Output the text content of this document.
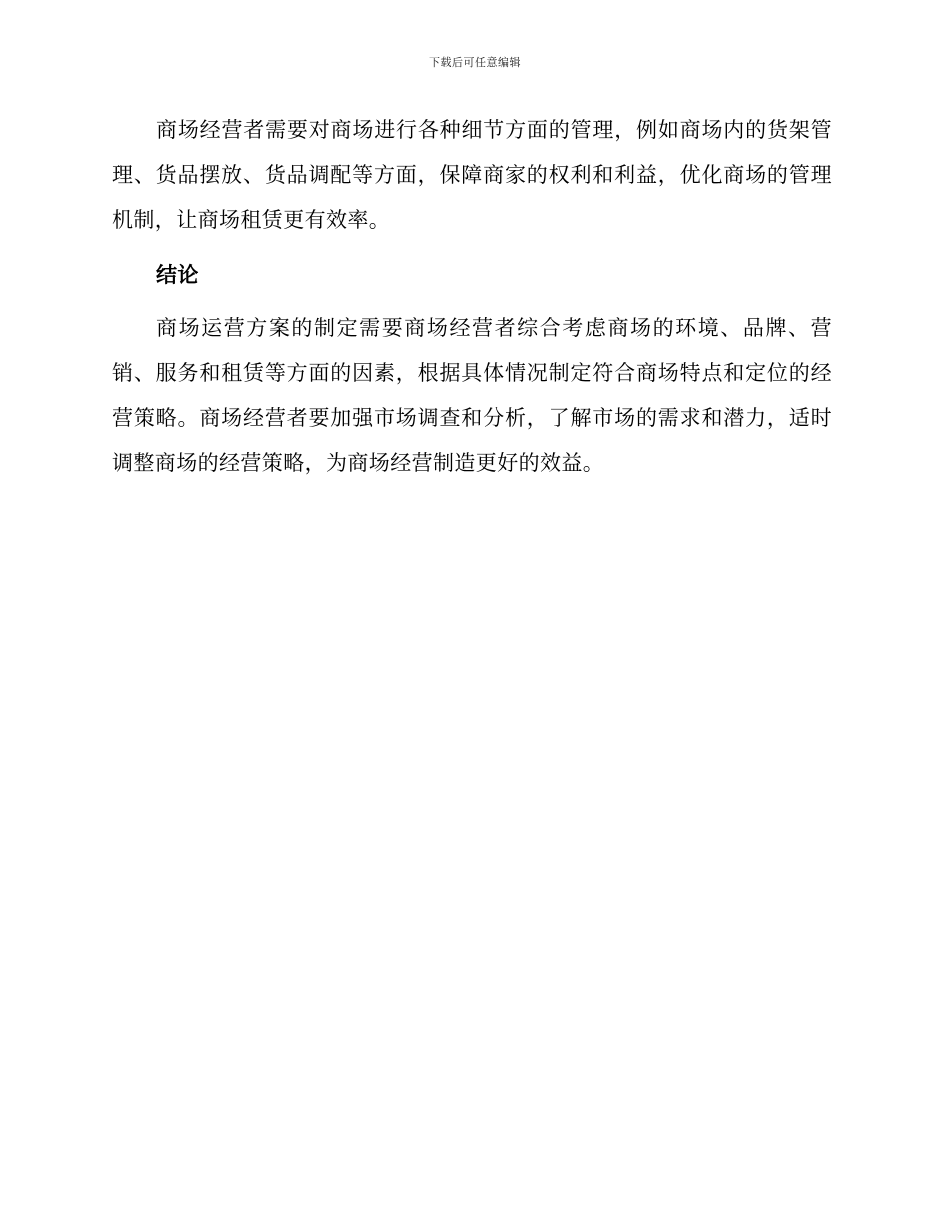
下载后可任意编辑

商场经营者需要对商场进行各种细节方面的管理，例如商场内的货架管理、货品摆放、货品调配等方面，保障商家的权利和利益，优化商场的管理机制，让商场租赁更有效率。

结论

商场运营方案的制定需要商场经营者综合考虑商场的环境、品牌、营销、服务和租赁等方面的因素，根据具体情况制定符合商场特点和定位的经营策略。商场经营者要加强市场调查和分析，了解市场的需求和潜力，适时调整商场的经营策略，为商场经营制造更好的效益。
